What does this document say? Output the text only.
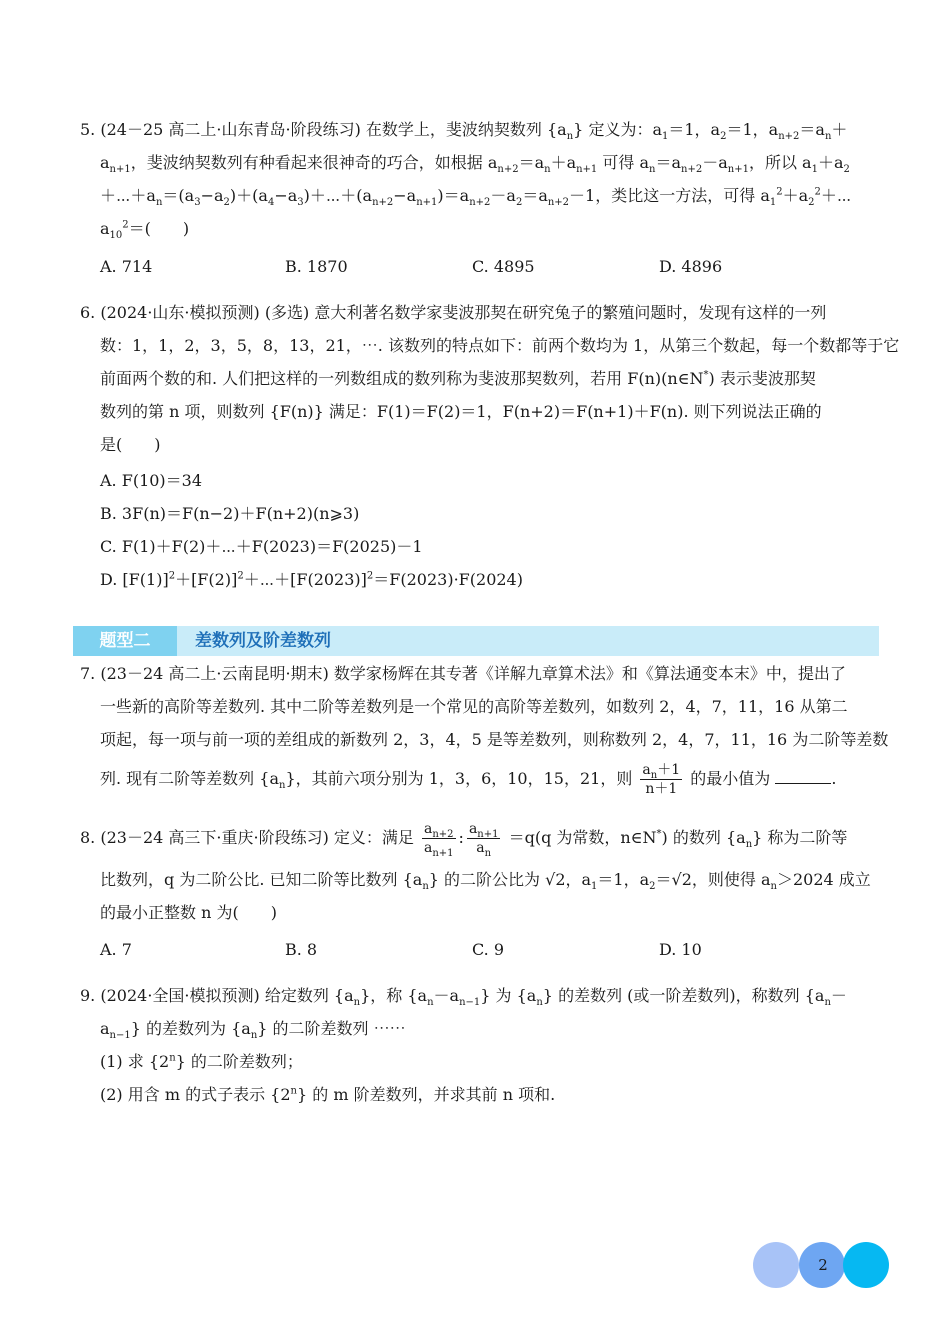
5. (24－25 高二上·山东青岛·阶段练习) 在数学上，斐波纳契数列 $\{a_n\}$ 定义为：$a_1=1$，$a_2=1$，$a_{n+2}=a_n+$
$a_{n+1}$，斐波纳契数列有种看起来很神奇的巧合，如根据 $a_{n+2}=a_n+a_{n+1}$ 可得 $a_n=a_{n+2}-a_{n+1}$，所以 $a_1+a_2$
$+\cdots+a_n=(a_3-a_2)+(a_4-a_3)+\cdots+(a_{n+2}-a_{n+1})=a_{n+2}-a_2=a_{n+2}-1$，类比这一方法，可得 $a_1^2+a_2^2+\cdots$
$a_{10}^2=$(　　)
A. 714	B. 1870	C. 4895	D. 4896
6. (2024·山东·模拟预测) (多选) 意大利著名数学家斐波那契在研究兔子的繁殖问题时，发现有这样的一列
数：1，1，2，3，5，8，13，21，⋯. 该数列的特点如下：前两个数均为 1，从第三个数起，每一个数都等于它
前面两个数的和. 人们把这样的一列数组成的数列称为斐波那契数列，若用 F(n)(n∈N*) 表示斐波那契
数列的第 n 项，则数列 {F(n)} 满足：F(1)＝F(2)＝1，F(n+2)＝F(n+1)＋F(n). 则下列说法正确的
是(　　)
A. F(10)＝34
B. 3F(n)＝F(n−2)＋F(n+2)(n⩾3)
C. F(1)＋F(2)＋⋯＋F(2023)＝F(2025)－1
D. $[F(1)]^2+[F(2)]^2+\cdots+[F(2023)]^2=F(2023)\cdot F(2024)$
题型二	差数列及阶差数列
7. (23－24 高二上·云南昆明·期末) 数学家杨辉在其专著《详解九章算术法》和《算法通变本末》中，提出了
一些新的高阶等差数列. 其中二阶等差数列是一个常见的高阶等差数列，如数列 2，4，7，11，16 从第二
项起，每一项与前一项的差组成的新数列 2，3，4，5 是等差数列，则称数列 2，4，7，11，16 为二阶等差数
列. 现有二阶等差数列 $\{a_n\}$，其前六项分别为 1，3，6，10，15，21，则 $\frac{a_n+1}{n+1}$ 的最小值为	.
8. (23－24 高三下·重庆·阶段练习) 定义：满足 $\frac{a_{n+2}}{a_{n+1}}$ : $\frac{a_{n+1}}{a_n} =q(q$ 为常数，n∈N*) 的数列 $\{a_n\}$ 称为二阶等
比数列，q 为二阶公比. 已知二阶等比数列 $\{a_n\}$ 的二阶公比为 √2，$a_1=1$，$a_2=√2$，则使得 $a_n>2024$ 成立
的最小正整数 n 为(　　)
A. 7	B. 8	C. 9	D. 10
9. (2024·全国·模拟预测) 给定数列 $\{a_n\}$，称 $\{a_n-a_{n-1}\}$ 为 $\{a_n\}$ 的差数列 (或一阶差数列)，称数列 {$a_n-$
$a_{n-1}$} 的差数列为 $\{a_n\}$ 的二阶差数列 ⋯⋯
(1) 求 {2$^n$} 的二阶差数列；
(2) 用含 m 的式子表示 {2$^n$} 的 m 阶差数列，并求其前 n 项和.
2
